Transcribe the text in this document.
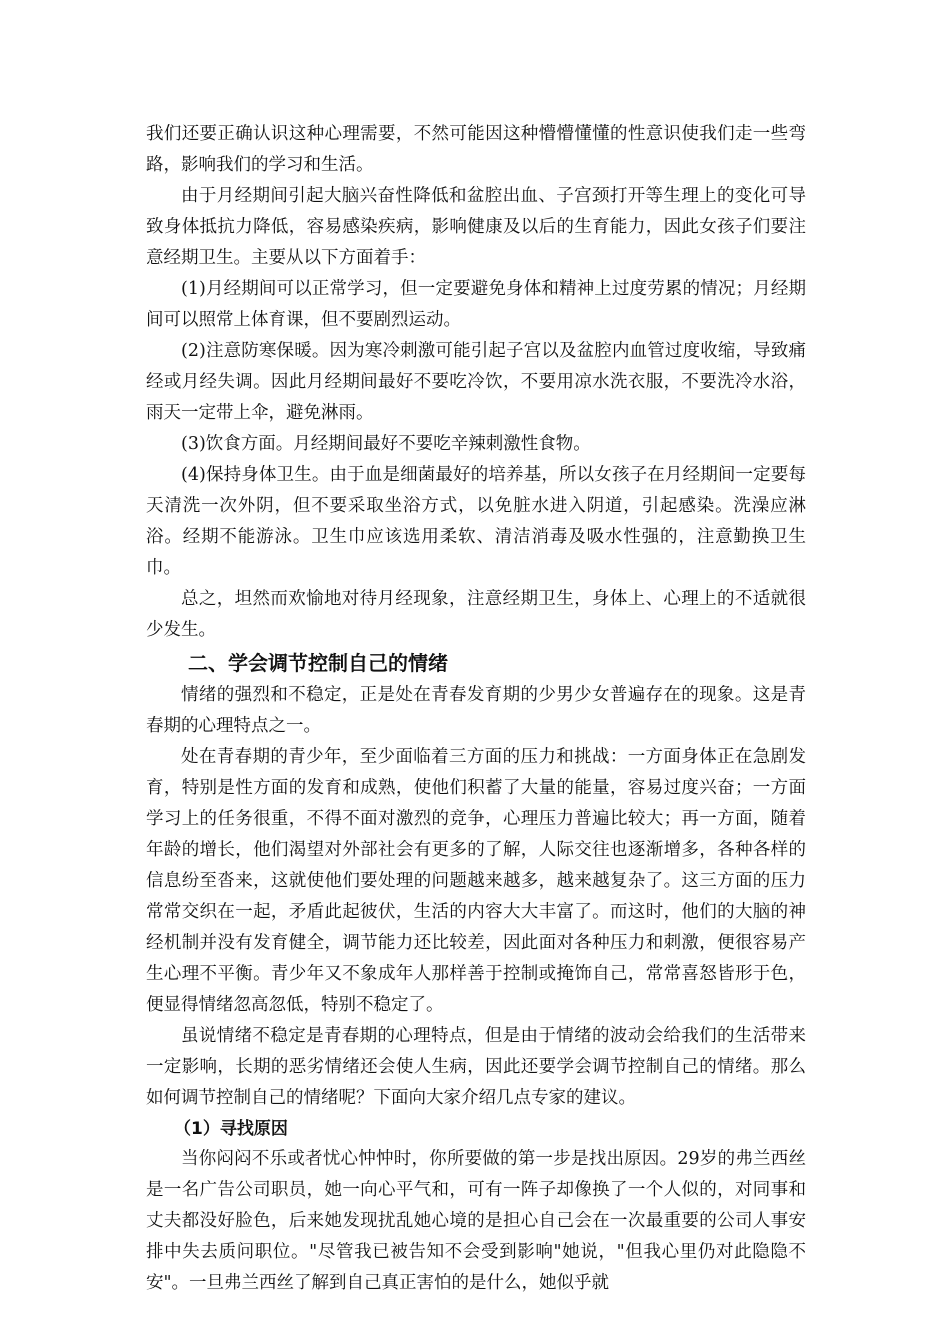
我们还要正确认识这种心理需要，不然可能因这种懵懵懂懂的性意识使我们走一些弯路，影响我们的学习和生活。

由于月经期间引起大脑兴奋性降低和盆腔出血、子宫颈打开等生理上的变化可导致身体抵抗力降低，容易感染疾病，影响健康及以后的生育能力，因此女孩子们要注意经期卫生。主要从以下方面着手：

(1)月经期间可以正常学习，但一定要避免身体和精神上过度劳累的情况；月经期间可以照常上体育课，但不要剧烈运动。

(2)注意防寒保暖。因为寒冷刺激可能引起子宫以及盆腔内血管过度收缩，导致痛经或月经失调。因此月经期间最好不要吃冷饮，不要用凉水洗衣服，不要洗冷水浴，雨天一定带上伞，避免淋雨。

(3)饮食方面。月经期间最好不要吃辛辣刺激性食物。

(4)保持身体卫生。由于血是细菌最好的培养基，所以女孩子在月经期间一定要每天清洗一次外阴，但不要采取坐浴方式，以免脏水进入阴道，引起感染。洗澡应淋浴。经期不能游泳。卫生巾应该选用柔软、清洁消毒及吸水性强的，注意勤换卫生巾。

总之，坦然而欢愉地对待月经现象，注意经期卫生，身体上、心理上的不适就很少发生。

二、学会调节控制自己的情绪

情绪的强烈和不稳定，正是处在青春发育期的少男少女普遍存在的现象。这是青春期的心理特点之一。

处在青春期的青少年，至少面临着三方面的压力和挑战：一方面身体正在急剧发育，特别是性方面的发育和成熟，使他们积蓄了大量的能量，容易过度兴奋；一方面学习上的任务很重，不得不面对激烈的竞争，心理压力普遍比较大；再一方面，随着年龄的增长，他们渴望对外部社会有更多的了解，人际交往也逐渐增多，各种各样的信息纷至沓来，这就使他们要处理的问题越来越多，越来越复杂了。这三方面的压力常常交织在一起，矛盾此起彼伏，生活的内容大大丰富了。而这时，他们的大脑的神经机制并没有发育健全，调节能力还比较差，因此面对各种压力和刺激，便很容易产生心理不平衡。青少年又不象成年人那样善于控制或掩饰自己，常常喜怒皆形于色，便显得情绪忽高忽低，特别不稳定了。

虽说情绪不稳定是青春期的心理特点，但是由于情绪的波动会给我们的生活带来一定影响，长期的恶劣情绪还会使人生病，因此还要学会调节控制自己的情绪。那么如何调节控制自己的情绪呢？下面向大家介绍几点专家的建议。

（1）寻找原因

当你闷闷不乐或者忧心忡忡时，你所要做的第一步是找出原因。29岁的弗兰西丝是一名广告公司职员，她一向心平气和，可有一阵子却像换了一个人似的，对同事和丈夫都没好脸色，后来她发现扰乱她心境的是担心自己会在一次最重要的公司人事安排中失去质问职位。"尽管我已被告知不会受到影响"她说，"但我心里仍对此隐隐不安"。一旦弗兰西丝了解到自己真正害怕的是什么，她似乎就
